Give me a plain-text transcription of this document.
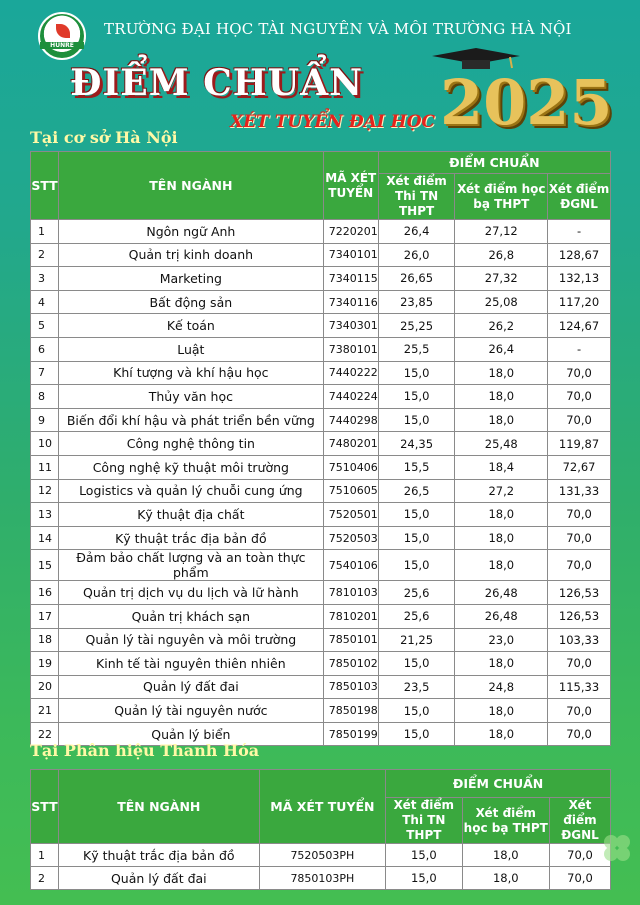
HUNRE
TRƯỜNG ĐẠI HỌC TÀI NGUYÊN VÀ MÔI TRƯỜNG HÀ NỘI
ĐIỂM CHUẨN
XÉT TUYỂN ĐẠI HỌC 2025
Tại cơ sở Hà Nội
STT	TÊN NGÀNH	MÃ XÉT TUYỂN	ĐIỂM CHUẨN		
			Xét điểm Thi TN THPT	Xét điểm học bạ THPT	Xét điểm ĐGNL
1	Ngôn ngữ Anh	7220201	26,4	27,12	-
2	Quản trị kinh doanh	7340101	26,0	26,8	128,67
3	Marketing	7340115	26,65	27,32	132,13
4	Bất động sản	7340116	23,85	25,08	117,20
5	Kế toán	7340301	25,25	26,2	124,67
6	Luật	7380101	25,5	26,4	-
7	Khí tượng và khí hậu học	7440222	15,0	18,0	70,0
8	Thủy văn học	7440224	15,0	18,0	70,0
9	Biến đổi khí hậu và phát triển bền vững	7440298	15,0	18,0	70,0
10	Công nghệ thông tin	7480201	24,35	25,48	119,87
11	Công nghệ kỹ thuật môi trường	7510406	15,5	18,4	72,67
12	Logistics và quản lý chuỗi cung ứng	7510605	26,5	27,2	131,33
13	Kỹ thuật địa chất	7520501	15,0	18,0	70,0
14	Kỹ thuật trắc địa bản đồ	7520503	15,0	18,0	70,0
15	Đảm bảo chất lượng và an toàn thực phẩm	7540106	15,0	18,0	70,0
16	Quản trị dịch vụ du lịch và lữ hành	7810103	25,6	26,48	126,53
17	Quản trị khách sạn	7810201	25,6	26,48	126,53
18	Quản lý tài nguyên và môi trường	7850101	21,25	23,0	103,33
19	Kinh tế tài nguyên thiên nhiên	7850102	15,0	18,0	70,0
20	Quản lý đất đai	7850103	23,5	24,8	115,33
21	Quản lý tài nguyên nước	7850198	15,0	18,0	70,0
22	Quản lý biển	7850199	15,0	18,0	70,0
Tại Phân hiệu Thanh Hóa
STT	TÊN NGÀNH	MÃ XÉT TUYỂN	ĐIỂM CHUẨN		
			Xét điểm Thi TN THPT	Xét điểm học bạ THPT	Xét điểm ĐGNL
1	Kỹ thuật trắc địa bản đồ	7520503PH	15,0	18,0	70,0
2	Quản lý đất đai	7850103PH	15,0	18,0	70,0
